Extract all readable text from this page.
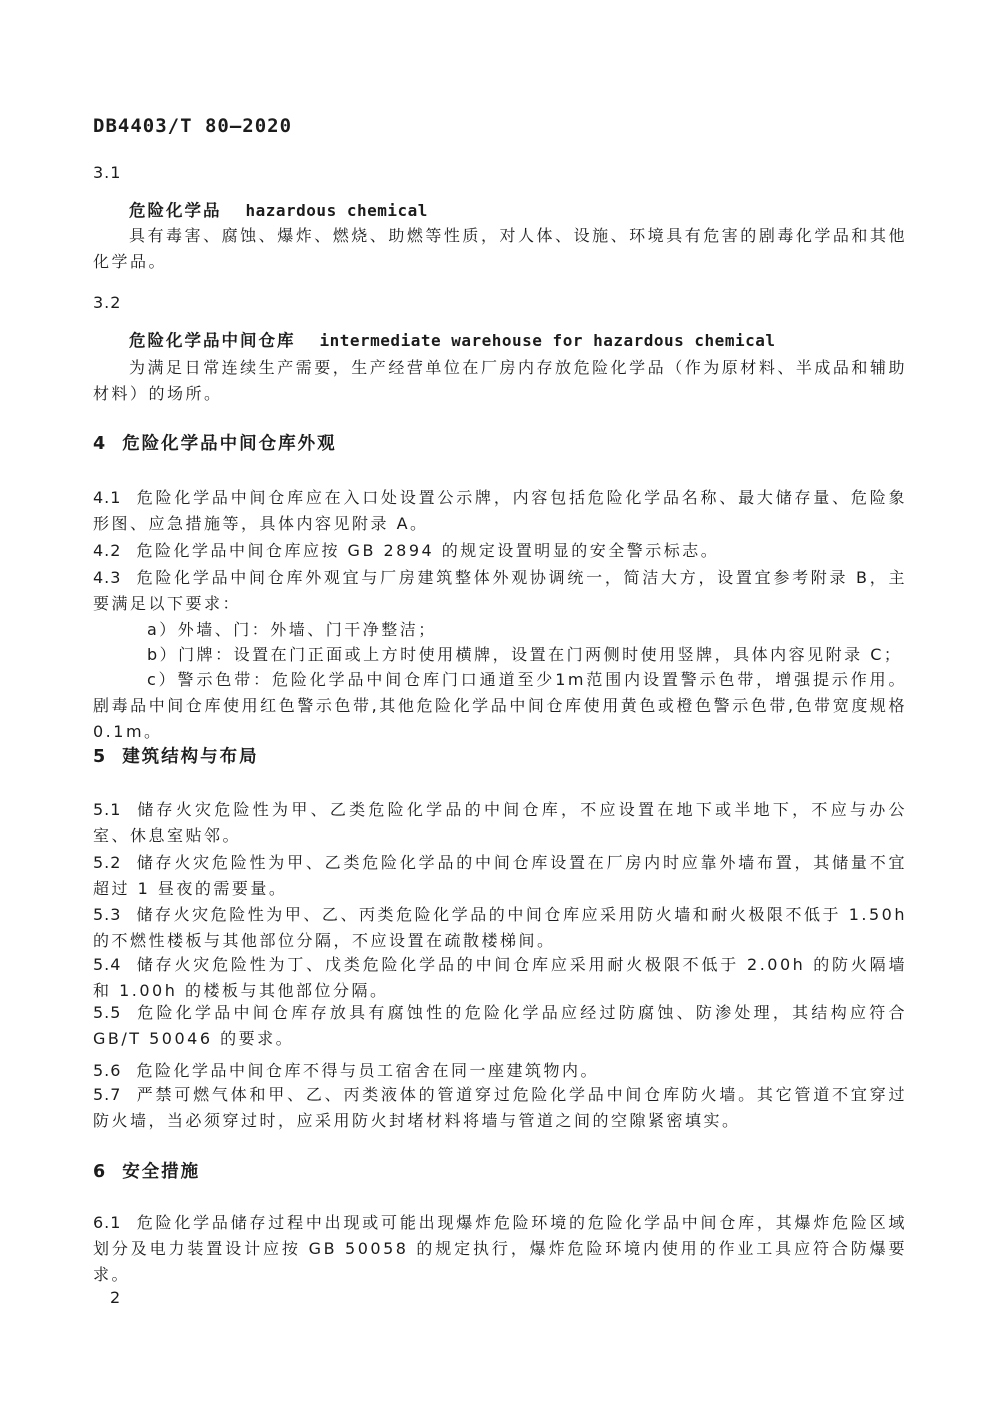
DB4403/T 80—2020
3.1
危险化学品 hazardous chemical

具有毒害、腐蚀、爆炸、燃烧、助燃等性质，对人体、设施、环境具有危害的剧毒化学品和其他化学品。

3.2
危险化学品中间仓库 intermediate warehouse for hazardous chemical

为满足日常连续生产需要，生产经营单位在厂房内存放危险化学品（作为原材料、半成品和辅助材料）的场所。

4 危险化学品中间仓库外观

4.1 危险化学品中间仓库应在入口处设置公示牌，内容包括危险化学品名称、最大储存量、危险象形图、应急措施等，具体内容见附录 A。

4.2 危险化学品中间仓库应按 GB 2894 的规定设置明显的安全警示标志。

4.3 危险化学品中间仓库外观宜与厂房建筑整体外观协调统一，简洁大方，设置宜参考附录 B，主要满足以下要求：

a）外墙、门：外墙、门干净整洁；

b）门牌：设置在门正面或上方时使用横牌，设置在门两侧时使用竖牌，具体内容见附录 C；

c）警示色带：危险化学品中间仓库门口通道至少1m范围内设置警示色带，增强提示作用。剧毒品中间仓库使用红色警示色带,其他危险化学品中间仓库使用黄色或橙色警示色带,色带宽度规格0.1m。

5 建筑结构与布局

5.1 储存火灾危险性为甲、乙类危险化学品的中间仓库，不应设置在地下或半地下，不应与办公室、休息室贴邻。

5.2 储存火灾危险性为甲、乙类危险化学品的中间仓库设置在厂房内时应靠外墙布置，其储量不宜超过 1 昼夜的需要量。

5.3 储存火灾危险性为甲、乙、丙类危险化学品的中间仓库应采用防火墙和耐火极限不低于 1.50h 的不燃性楼板与其他部位分隔，不应设置在疏散楼梯间。

5.4 储存火灾危险性为丁、戊类危险化学品的中间仓库应采用耐火极限不低于 2.00h 的防火隔墙和 1.00h 的楼板与其他部位分隔。

5.5 危险化学品中间仓库存放具有腐蚀性的危险化学品应经过防腐蚀、防渗处理，其结构应符合 GB/T 50046 的要求。

5.6 危险化学品中间仓库不得与员工宿舍在同一座建筑物内。

5.7 严禁可燃气体和甲、乙、丙类液体的管道穿过危险化学品中间仓库防火墙。其它管道不宜穿过防火墙，当必须穿过时，应采用防火封堵材料将墙与管道之间的空隙紧密填实。

6 安全措施

6.1 危险化学品储存过程中出现或可能出现爆炸危险环境的危险化学品中间仓库，其爆炸危险区域划分及电力装置设计应按 GB 50058 的规定执行，爆炸危险环境内使用的作业工具应符合防爆要求。

2
